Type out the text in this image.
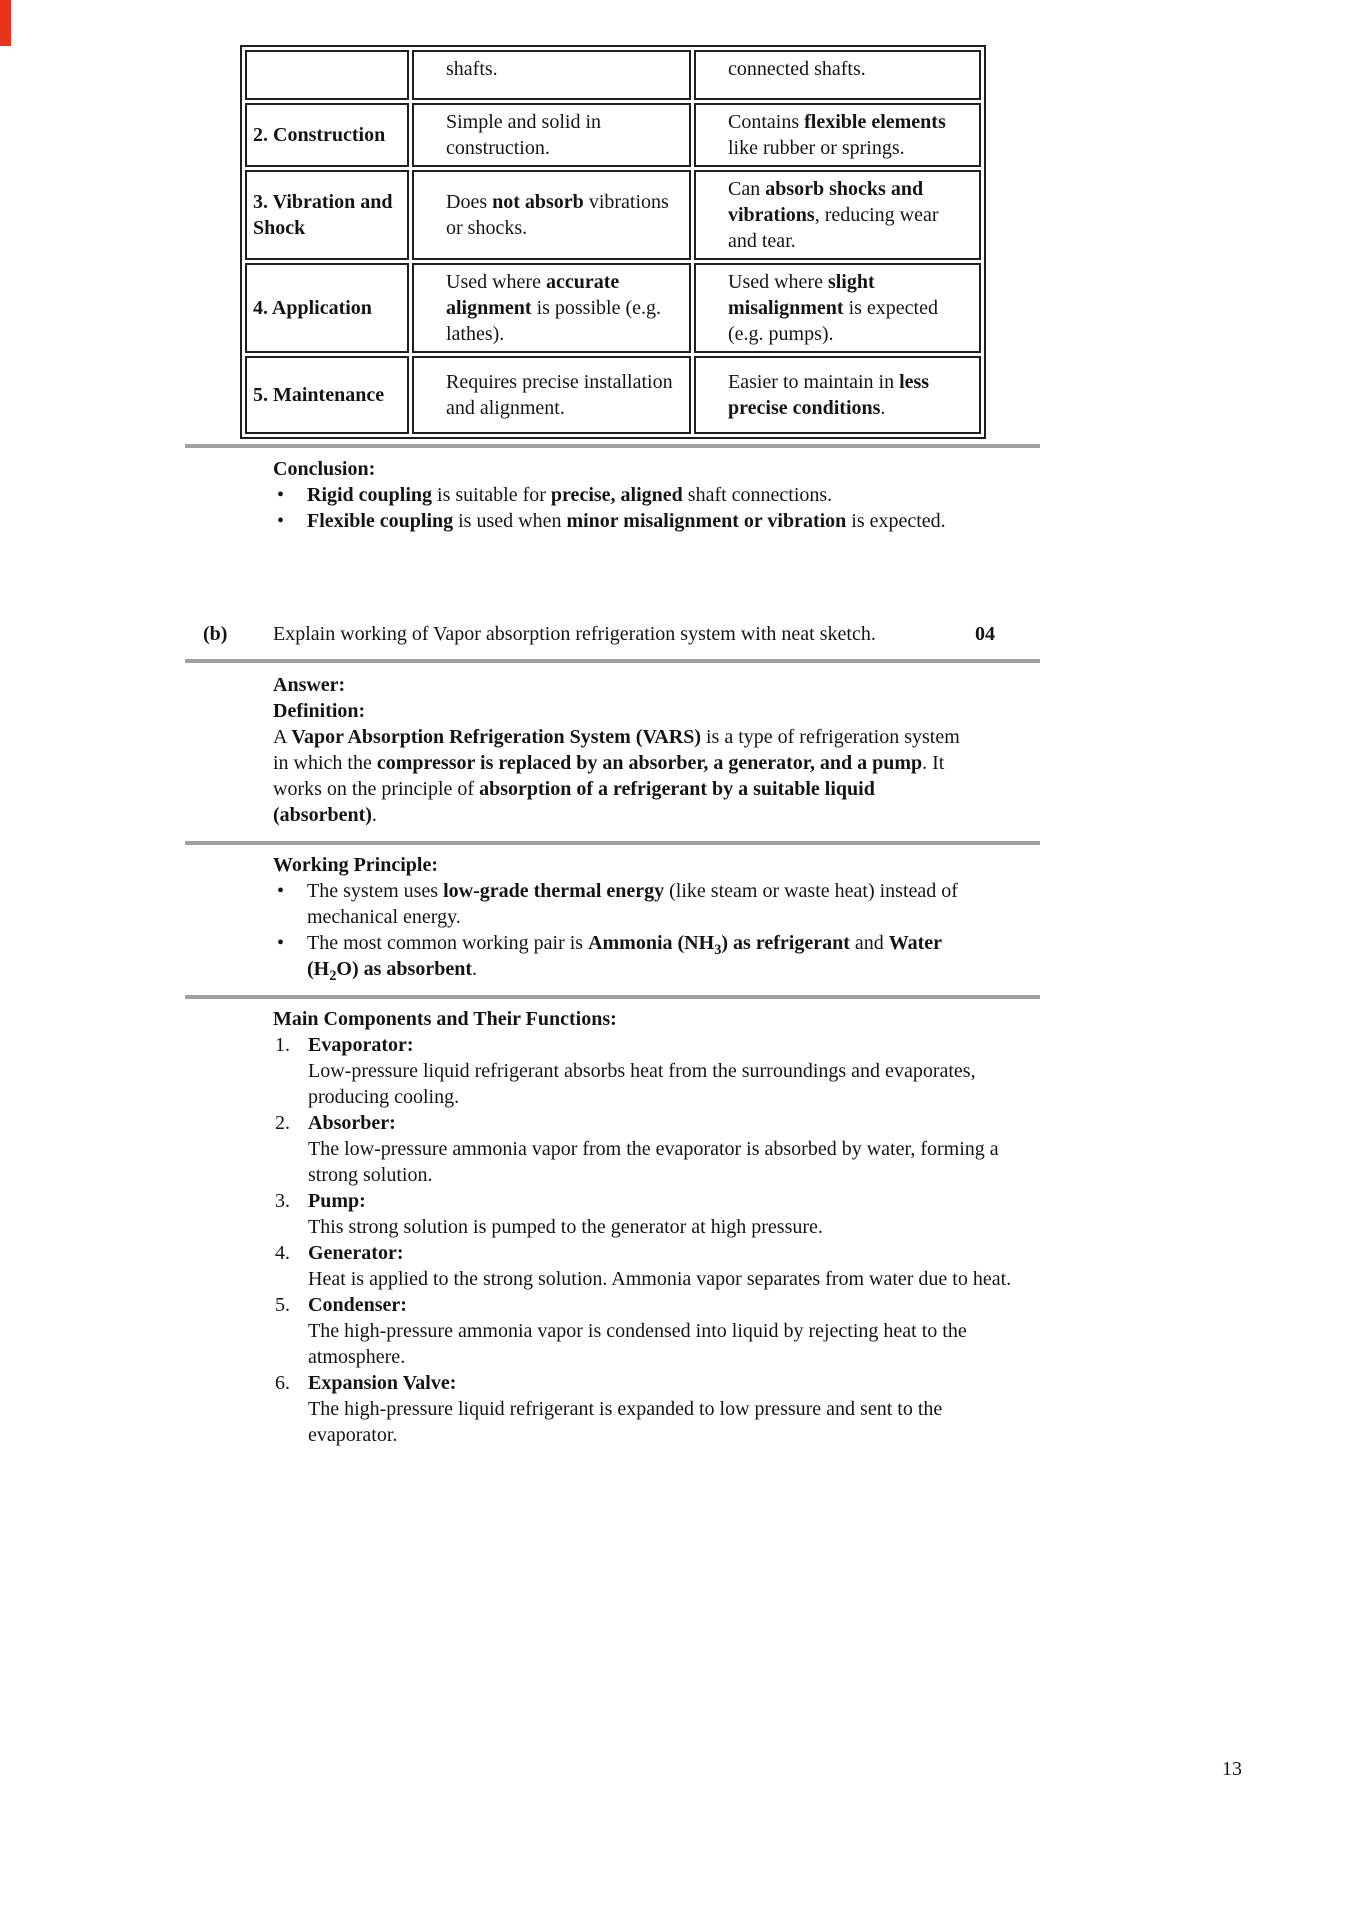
	shafts.	connected shafts.
2. Construction	Simple and solid in construction.	Contains flexible elements like rubber or springs.
3. Vibration and Shock	Does not absorb vibrations or shocks.	Can absorb shocks and vibrations, reducing wear and tear.
4. Application	Used where accurate alignment is possible (e.g. lathes).	Used where slight misalignment is expected (e.g. pumps).
5. Maintenance	Requires precise installation and alignment.	Easier to maintain in less precise conditions.
Conclusion:
• Rigid coupling is suitable for precise, aligned shaft connections.
• Flexible coupling is used when minor misalignment or vibration is expected.
(b) Explain working of Vapor absorption refrigeration system with neat sketch.	04
Answer:
Definition:
A Vapor Absorption Refrigeration System (VARS) is a type of refrigeration system in which the compressor is replaced by an absorber, a generator, and a pump. It works on the principle of absorption of a refrigerant by a suitable liquid (absorbent).
Working Principle:
• The system uses low-grade thermal energy (like steam or waste heat) instead of mechanical energy.
• The most common working pair is Ammonia $(NH_3)$ as refrigerant and Water $(H_2O)$ as absorbent.
Main Components and Their Functions:
1. Evaporator:
Low-pressure liquid refrigerant absorbs heat from the surroundings and evaporates, producing cooling.
2. Absorber:
The low-pressure ammonia vapor from the evaporator is absorbed by water, forming a strong solution.
3. Pump:
This strong solution is pumped to the generator at high pressure.
4. Generator:
Heat is applied to the strong solution. Ammonia vapor separates from water due to heat.
5. Condenser:
The high-pressure ammonia vapor is condensed into liquid by rejecting heat to the atmosphere.
6. Expansion Valve:
The high-pressure liquid refrigerant is expanded to low pressure and sent to the evaporator.
13
